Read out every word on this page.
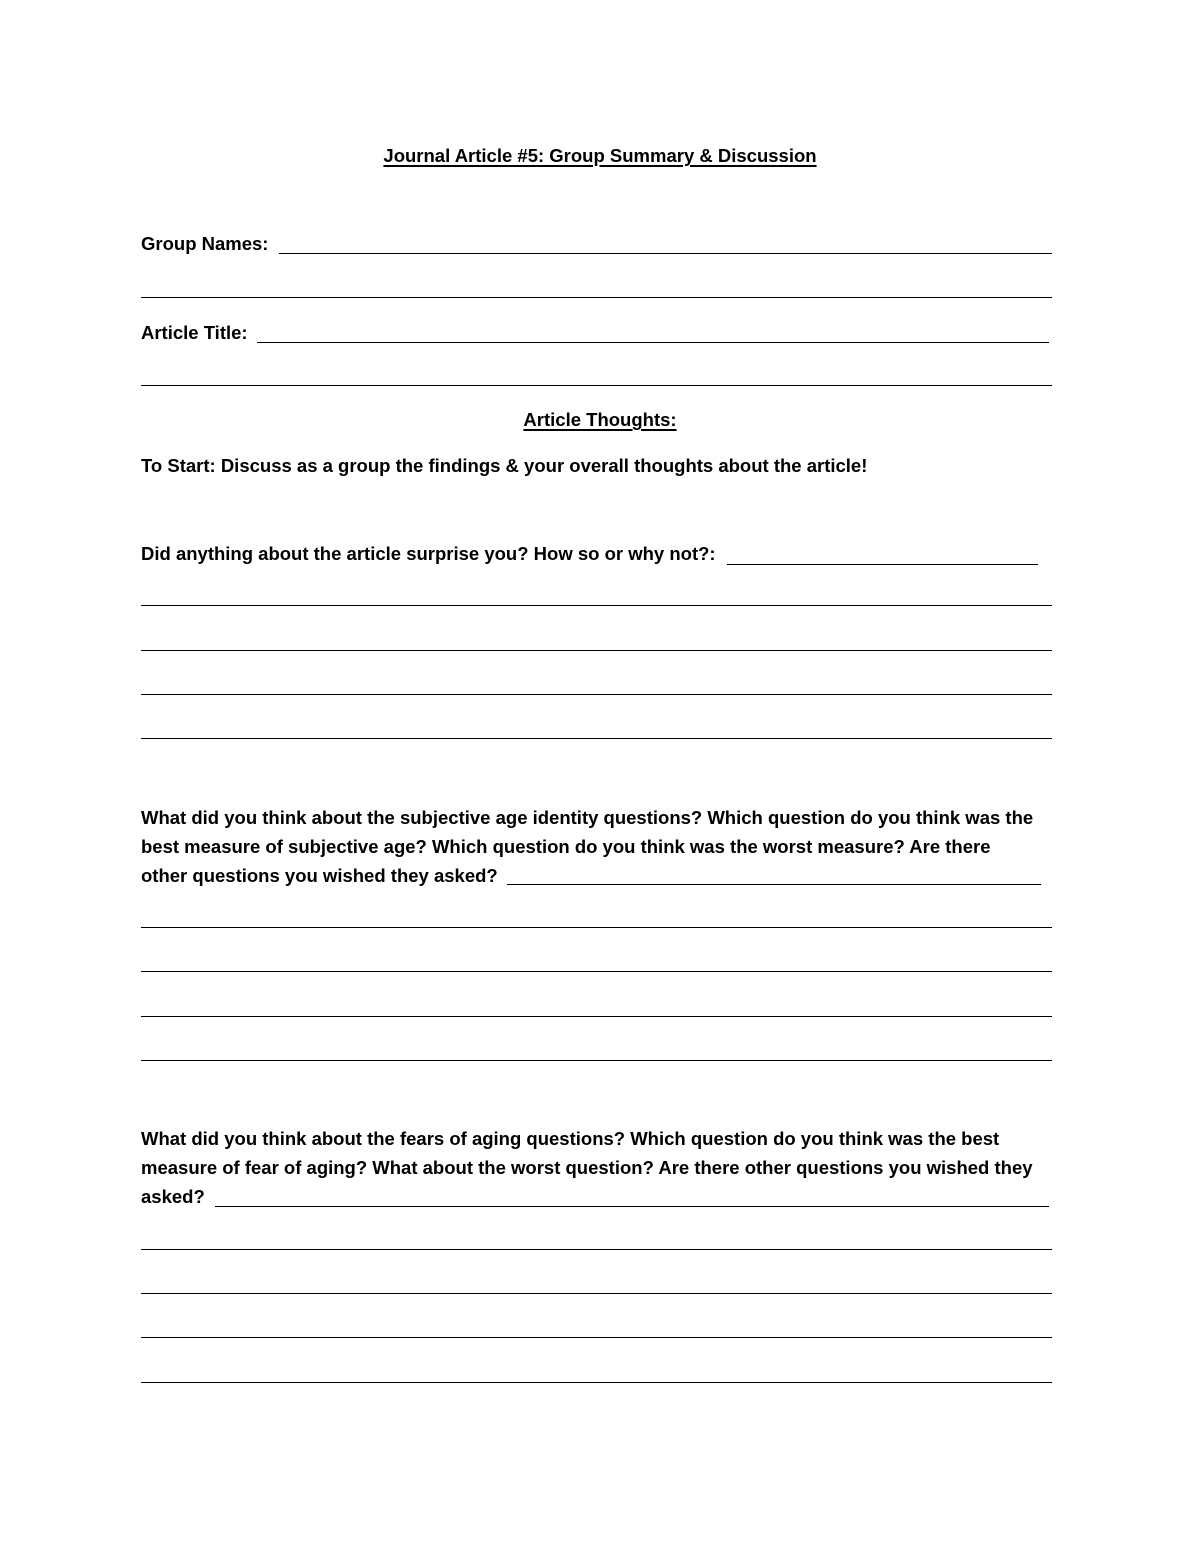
Journal Article #5: Group Summary & Discussion
Group Names:
Article Title:
Article Thoughts:
To Start: Discuss as a group the findings & your overall thoughts about the article!
Did anything about the article surprise you? How so or why not?:
What did you think about the subjective age identity questions? Which question do you think was the
best measure of subjective age? Which question do you think was the worst measure? Are there
other questions you wished they asked?
What did you think about the fears of aging questions? Which question do you think was the best
measure of fear of aging? What about the worst question? Are there other questions you wished they
asked?
